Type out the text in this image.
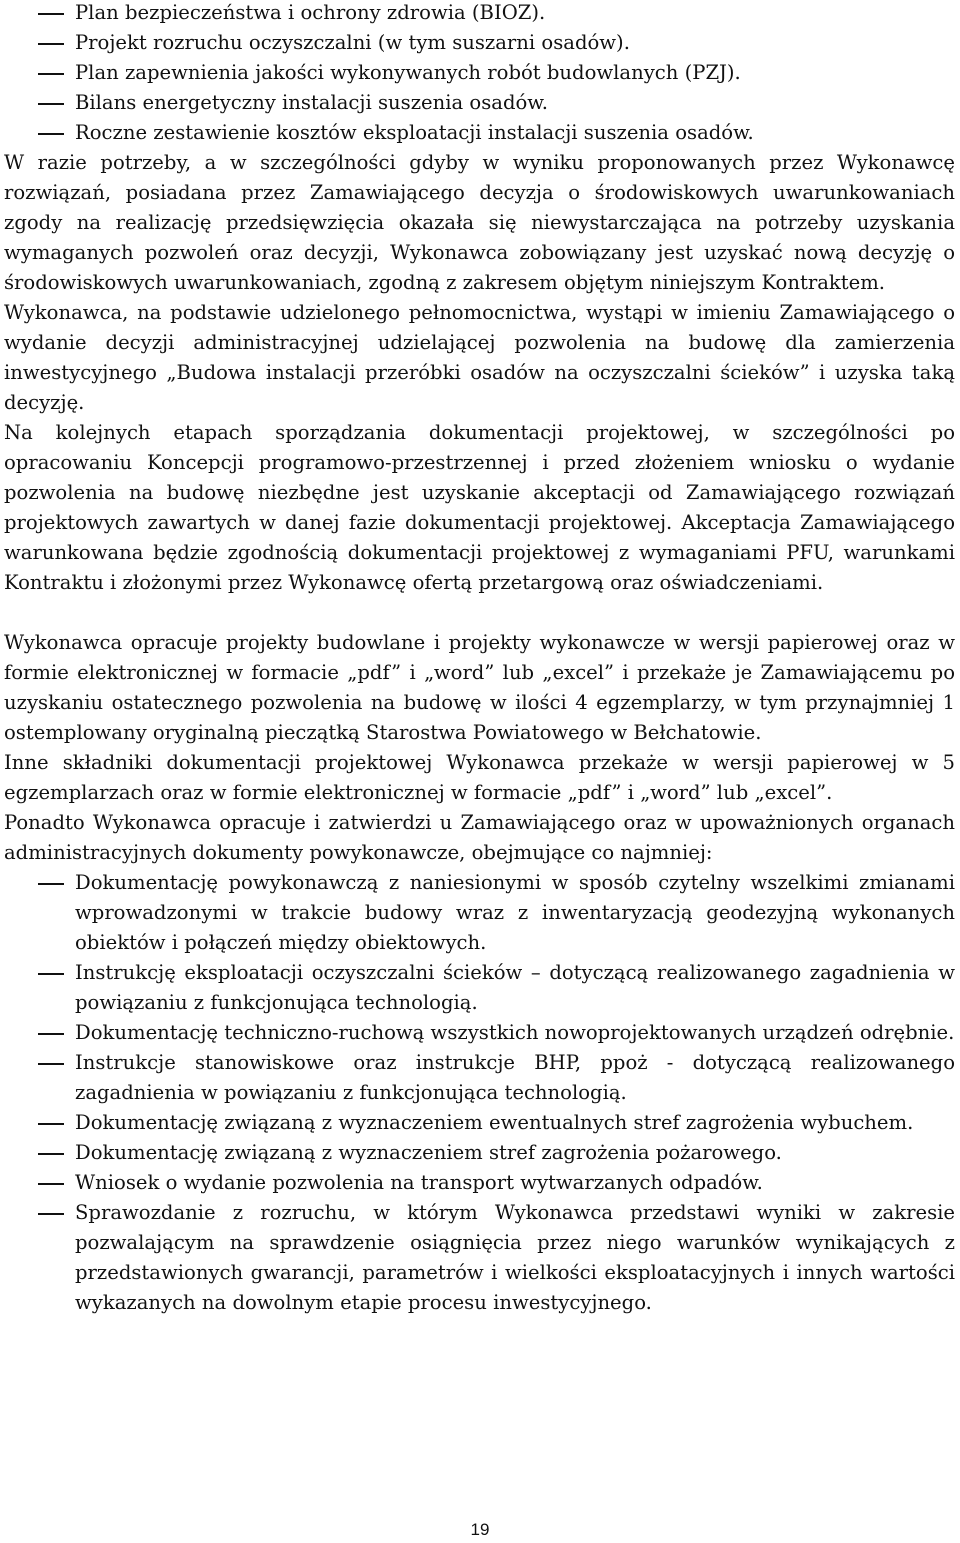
Plan bezpieczeństwa i ochrony zdrowia (BIOZ).
Projekt rozruchu oczyszczalni (w tym suszarni osadów).
Plan zapewnienia jakości wykonywanych robót budowlanych (PZJ).
Bilans energetyczny instalacji suszenia osadów.
Roczne zestawienie kosztów eksploatacji instalacji suszenia osadów.

W razie potrzeby, a w szczególności gdyby w wyniku proponowanych przez Wykonawcę rozwiązań, posiadana przez Zamawiającego decyzja o środowiskowych uwarunkowaniach zgody na realizację przedsięwzięcia okazała się niewystarczająca na potrzeby uzyskania wymaganych pozwoleń oraz decyzji, Wykonawca zobowiązany jest uzyskać nową decyzję o środowiskowych uwarunkowaniach, zgodną z zakresem objętym niniejszym Kontraktem.

Wykonawca, na podstawie udzielonego pełnomocnictwa, wystąpi w imieniu Zamawiającego o wydanie decyzji administracyjnej udzielającej pozwolenia na budowę dla zamierzenia inwestycyjnego „Budowa instalacji przeróbki osadów na oczyszczalni ścieków” i uzyska taką decyzję.

Na kolejnych etapach sporządzania dokumentacji projektowej, w szczególności po opracowaniu Koncepcji programowo-przestrzennej i przed złożeniem wniosku o wydanie pozwolenia na budowę niezbędne jest uzyskanie akceptacji od Zamawiającego rozwiązań projektowych zawartych w danej fazie dokumentacji projektowej. Akceptacja Zamawiającego warunkowana będzie zgodnością dokumentacji projektowej z wymaganiami PFU, warunkami Kontraktu i złożonymi przez Wykonawcę ofertą przetargową oraz oświadczeniami.

Wykonawca opracuje projekty budowlane i projekty wykonawcze w wersji papierowej oraz w formie elektronicznej w formacie „pdf” i „word” lub „excel” i przekaże je Zamawiającemu po uzyskaniu ostatecznego pozwolenia na budowę w ilości 4 egzemplarzy, w tym przynajmniej 1 ostemplowany oryginalną pieczątką Starostwa Powiatowego w Bełchatowie.

Inne składniki dokumentacji projektowej Wykonawca przekaże w wersji papierowej w 5 egzemplarzach oraz w formie elektronicznej w formacie „pdf” i „word” lub „excel”.

Ponadto Wykonawca opracuje i zatwierdzi u Zamawiającego oraz w upoważnionych organach administracyjnych dokumenty powykonawcze, obejmujące co najmniej:

Dokumentację powykonawczą z naniesionymi w sposób czytelny wszelkimi zmianami wprowadzonymi w trakcie budowy wraz z inwentaryzacją geodezyjną wykonanych obiektów i połączeń między obiektowych.
Instrukcję eksploatacji oczyszczalni ścieków – dotyczącą realizowanego zagadnienia w powiązaniu z funkcjonująca technologią.
Dokumentację techniczno-ruchową wszystkich nowoprojektowanych urządzeń odrębnie.
Instrukcje stanowiskowe oraz instrukcje BHP, ppoż - dotyczącą realizowanego zagadnienia w powiązaniu z funkcjonująca technologią.
Dokumentację związaną z wyznaczeniem ewentualnych stref zagrożenia wybuchem.
Dokumentację związaną z wyznaczeniem stref zagrożenia pożarowego.
Wniosek o wydanie pozwolenia na transport wytwarzanych odpadów.
Sprawozdanie z rozruchu, w którym Wykonawca przedstawi wyniki w zakresie pozwalającym na sprawdzenie osiągnięcia przez niego warunków wynikających z przedstawionych gwarancji, parametrów i wielkości eksploatacyjnych i innych wartości wykazanych na dowolnym etapie procesu inwestycyjnego.
19
